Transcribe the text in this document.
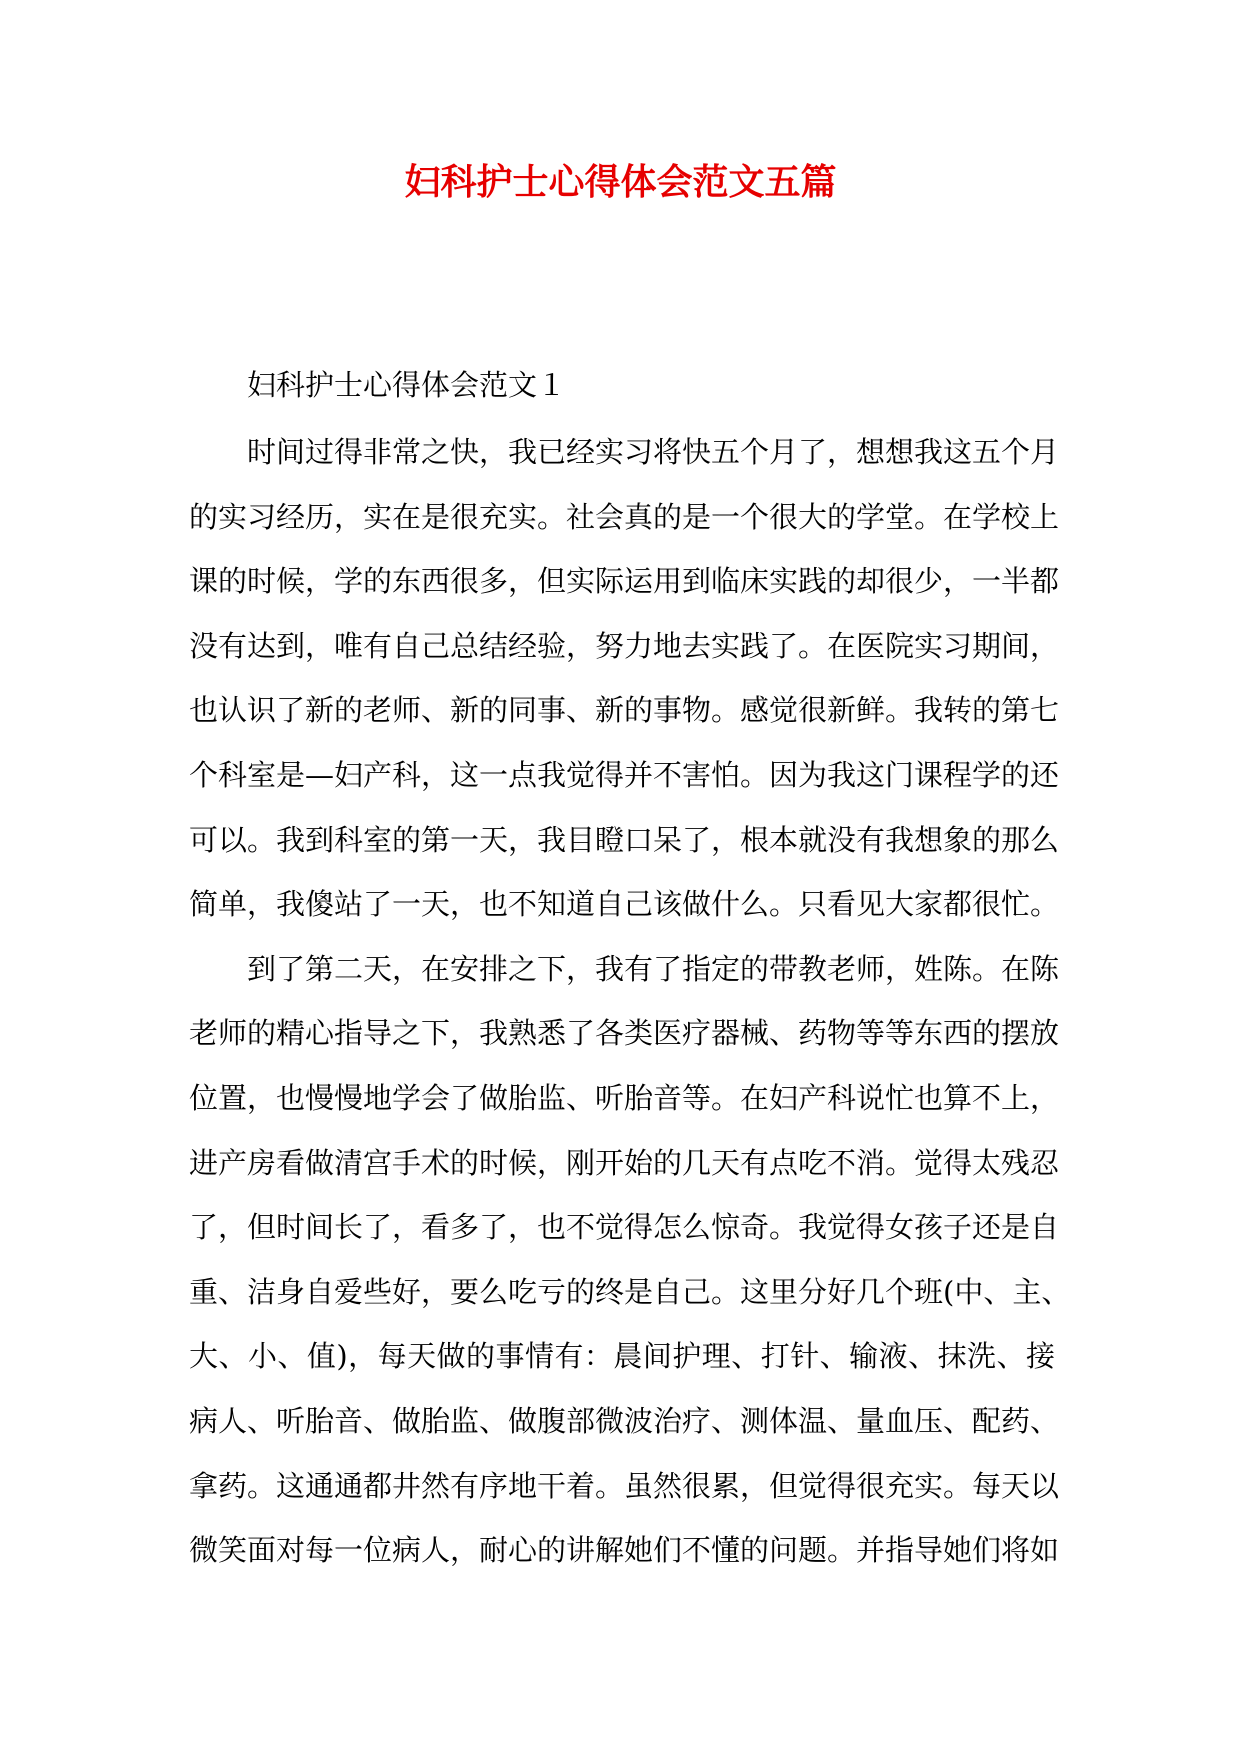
妇科护士心得体会范文五篇
妇科护士心得体会范文１

时间过得非常之快，我已经实习将快五个月了，想想我这五个月
的实习经历，实在是很充实。社会真的是一个很大的学堂。在学校上
课的时候，学的东西很多，但实际运用到临床实践的却很少，一半都
没有达到，唯有自己总结经验，努力地去实践了。在医院实习期间，
也认识了新的老师、新的同事、新的事物。感觉很新鲜。我转的第七
个科室是—妇产科，这一点我觉得并不害怕。因为我这门课程学的还
可以。我到科室的第一天，我目瞪口呆了，根本就没有我想象的那么
简单，我傻站了一天，也不知道自己该做什么。只看见大家都很忙。

到了第二天，在安排之下，我有了指定的带教老师，姓陈。在陈
老师的精心指导之下，我熟悉了各类医疗器械、药物等等东西的摆放
位置，也慢慢地学会了做胎监、听胎音等。在妇产科说忙也算不上，
进产房看做清宫手术的时候，刚开始的几天有点吃不消。觉得太残忍
了，但时间长了，看多了，也不觉得怎么惊奇。我觉得女孩子还是自
重、洁身自爱些好，要么吃亏的终是自己。这里分好几个班(中、主、
大、小、值)，每天做的事情有：晨间护理、打针、输液、抹洗、接
病人、听胎音、做胎监、做腹部微波治疗、测体温、量血压、配药、
拿药。这通通都井然有序地干着。虽然很累，但觉得很充实。每天以
微笑面对每一位病人，耐心的讲解她们不懂的问题。并指导她们将如
